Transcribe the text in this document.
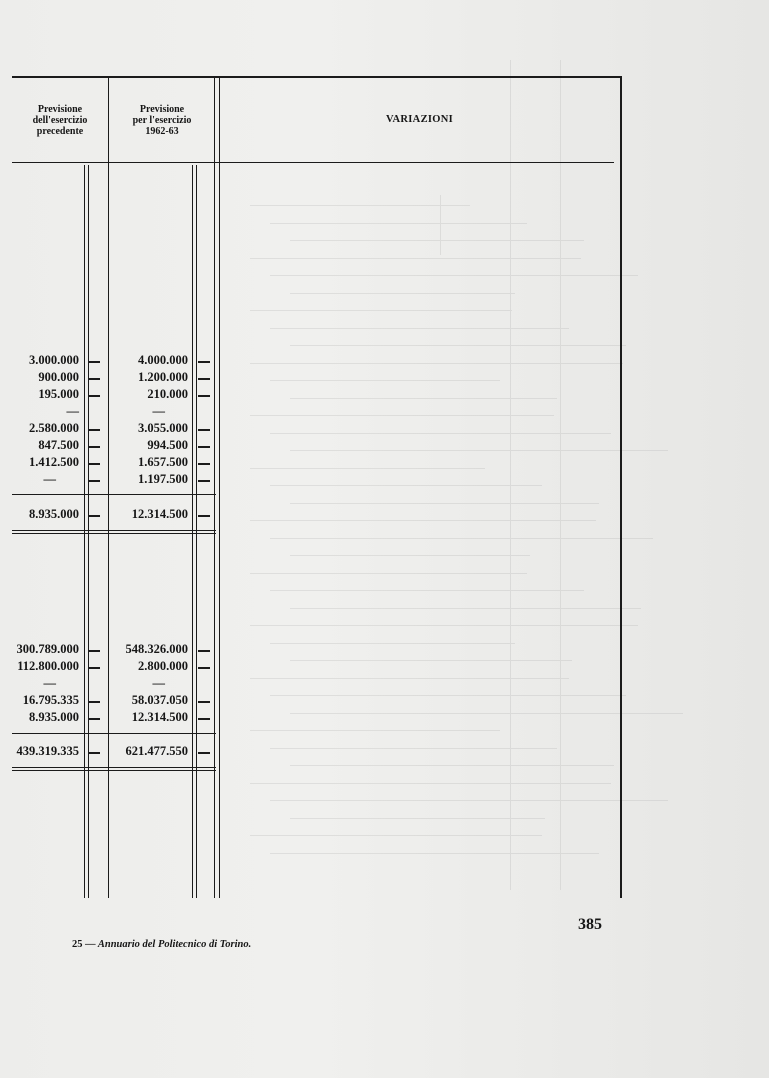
Previsione
dell'esercizio
precedente
Previsione
per l'esercizio
1962-63
VARIAZIONI
3.000.000	4.000.000
900.000	1.200.000
195.000	210.000
—	—
2.580.000	3.055.000
847.500	994.500
1.412.500	1.657.500
—	1.197.500
8.935.000	12.314.500
300.789.000	548.326.000
112.800.000	2.800.000
—	—
16.795.335	58.037.050
8.935.000	12.314.500
439.319.335	621.477.550
25 — Annuario del Politecnico di Torino.
385
